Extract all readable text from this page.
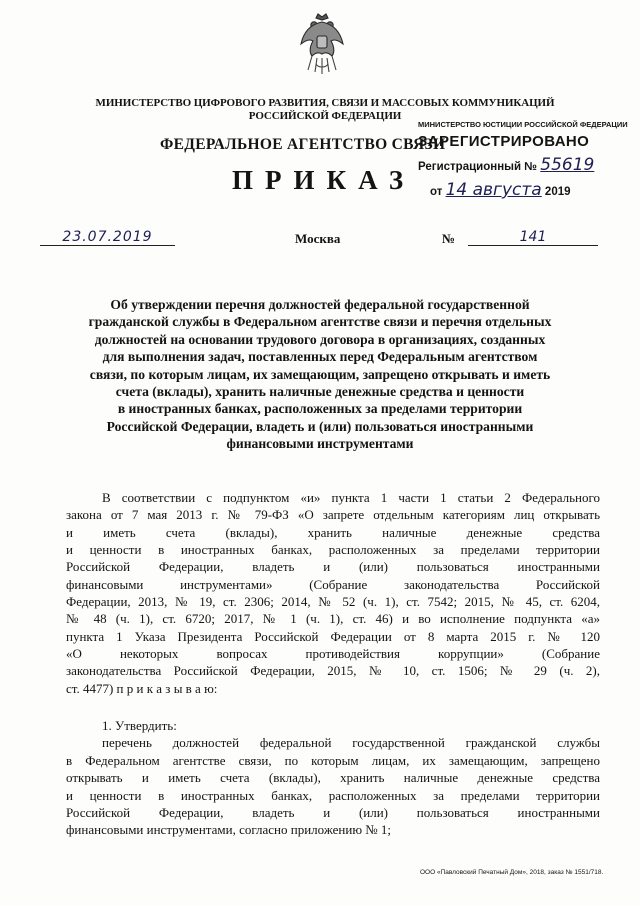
МИНИСТЕРСТВО ЦИФРОВОГО РАЗВИТИЯ, СВЯЗИ И МАССОВЫХ КОММУНИКАЦИЙ
РОССИЙСКОЙ ФЕДЕРАЦИИ
ФЕДЕРАЛЬНОЕ АГЕНТСТВО СВЯЗИ
ПРИКАЗ
МИНИСТЕРСТВО ЮСТИЦИИ РОССИЙСКОЙ ФЕДЕРАЦИИ
ЗАРЕГИСТРИРОВАНО
Регистрационный № 55619
от 14 августа 2019
23.07.2019	Москва	№	141
Об утверждении перечня должностей федеральной государственной
гражданской службы в Федеральном агентстве связи и перечня отдельных
должностей на основании трудового договора в организациях, созданных
для выполнения задач, поставленных перед Федеральным агентством
связи, по которым лицам, их замещающим, запрещено открывать и иметь
счета (вклады), хранить наличные денежные средства и ценности
в иностранных банках, расположенных за пределами территории
Российской Федерации, владеть и (или) пользоваться иностранными
финансовыми инструментами
В соответствии с подпунктом «и» пункта 1 части 1 статьи 2 Федерального
закона от 7 мая 2013 г. № 79-ФЗ «О запрете отдельным категориям лиц открывать
и иметь счета (вклады), хранить наличные денежные средства
и ценности в иностранных банках, расположенных за пределами территории
Российской Федерации, владеть и (или) пользоваться иностранными
финансовыми инструментами» (Собрание законодательства Российской
Федерации, 2013, № 19, ст. 2306; 2014, № 52 (ч. 1), ст. 7542; 2015, № 45, ст. 6204,
№ 48 (ч. 1), ст. 6720; 2017, № 1 (ч. 1), ст. 46) и во исполнение подпункта «а»
пункта 1 Указа Президента Российской Федерации от 8 марта 2015 г. № 120
«О некоторых вопросах противодействия коррупции» (Собрание
законодательства Российской Федерации, 2015, № 10, ст. 1506; № 29 (ч. 2),
ст. 4477) п р и к а з ы в а ю:
1. Утвердить:
перечень должностей федеральной государственной гражданской службы
в Федеральном агентстве связи, по которым лицам, их замещающим, запрещено
открывать и иметь счета (вклады), хранить наличные денежные средства
и ценности в иностранных банках, расположенных за пределами территории
Российской Федерации, владеть и (или) пользоваться иностранными
финансовыми инструментами, согласно приложению № 1;
ООО «Павловский Печатный Дом», 2018, заказ № 1551/718.
